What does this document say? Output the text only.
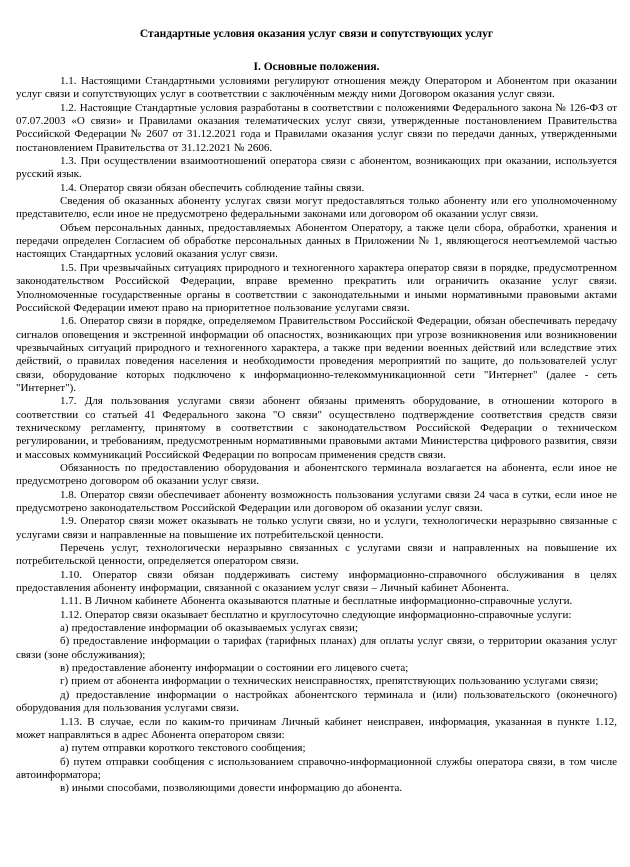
Стандартные условия оказания услуг связи и сопутствующих услуг
I. Основные положения.

1.1. Настоящими Стандартными условиями регулируют отношения между Оператором и Абонентом при оказании услуг связи и сопутствующих услуг в соответствии с заключённым между ними Договором оказания услуг связи.

1.2. Настоящие Стандартные условия разработаны в соответствии с положениями Федерального закона № 126-ФЗ от 07.07.2003 «О связи» и Правилами оказания телематических услуг связи, утвержденные постановлением Правительства Российской Федерации № 2607 от 31.12.2021 года и Правилами оказания услуг связи по передачи данных, утвержденными постановлением Правительства от 31.12.2021 № 2606.

1.3. При осуществлении взаимоотношений оператора связи с абонентом, возникающих при оказании, используется русский язык.

1.4. Оператор связи обязан обеспечить соблюдение тайны связи.

Сведения об оказанных абоненту услугах связи могут предоставляться только абоненту или его уполномоченному представителю, если иное не предусмотрено федеральными законами или договором об оказании услуг связи.

Объем персональных данных, предоставляемых Абонентом Оператору, а также цели сбора, обработки, хранения и передачи определен Согласием об обработке персональных данных в Приложении № 1, являющегося неотъемлемой частью настоящих Стандартных условий оказания услуг связи.

1.5. При чрезвычайных ситуациях природного и техногенного характера оператор связи в порядке, предусмотренном законодательством Российской Федерации, вправе временно прекратить или ограничить оказание услуг связи. Уполномоченные государственные органы в соответствии с законодательными и иными нормативными правовыми актами Российской Федерации имеют право на приоритетное пользование услугами связи.

1.6. Оператор связи в порядке, определяемом Правительством Российской Федерации, обязан обеспечивать передачу сигналов оповещения и экстренной информации об опасностях, возникающих при угрозе возникновения или возникновении чрезвычайных ситуаций природного и техногенного характера, а также при ведении военных действий или вследствие этих действий, о правилах поведения населения и необходимости проведения мероприятий по защите, до пользователей услуг связи, оборудование которых подключено к информационно-телекоммуникационной сети "Интернет" (далее - сеть "Интернет").

1.7. Для пользования услугами связи абонент обязаны применять оборудование, в отношении которого в соответствии со статьей 41 Федерального закона "О связи" осуществлено подтверждение соответствия средств связи техническому регламенту, принятому в соответствии с законодательством Российской Федерации о техническом регулировании, и требованиям, предусмотренным нормативными правовыми актами Министерства цифрового развития, связи и массовых коммуникаций Российской Федерации по вопросам применения средств связи.

Обязанность по предоставлению оборудования и абонентского терминала возлагается на абонента, если иное не предусмотрено договором об оказании услуг связи.

1.8. Оператор связи обеспечивает абоненту возможность пользования услугами связи 24 часа в сутки, если иное не предусмотрено законодательством Российской Федерации или договором об оказании услуг связи.

1.9. Оператор связи может оказывать не только услуги связи, но и услуги, технологически неразрывно связанные с услугами связи и направленные на повышение их потребительской ценности.

Перечень услуг, технологически неразрывно связанных с услугами связи и направленных на повышение их потребительской ценности, определяется оператором связи.

1.10. Оператор связи обязан поддерживать систему информационно-справочного обслуживания в целях предоставления абоненту информации, связанной с оказанием услуг связи – Личный кабинет Абонента.

1.11. В Личном кабинете Абонента оказываются платные и бесплатные информационно-справочные услуги.

1.12. Оператор связи оказывает бесплатно и круглосуточно следующие информационно-справочные услуги:

а) предоставление информации об оказываемых услугах связи;

б) предоставление информации о тарифах (тарифных планах) для оплаты услуг связи, о территории оказания услуг связи (зоне обслуживания);

в) предоставление абоненту информации о состоянии его лицевого счета;

г) прием от абонента информации о технических неисправностях, препятствующих пользованию услугами связи;

д) предоставление информации о настройках абонентского терминала и (или) пользовательского (оконечного) оборудования для пользования услугами связи.

1.13. В случае, если по каким-то причинам Личный кабинет неисправен, информация, указанная в пункте 1.12, может направляться в адрес Абонента оператором связи:

а) путем отправки короткого текстового сообщения;

б) путем отправки сообщения с использованием справочно-информационной службы оператора связи, в том числе автоинформатора;

в) иными способами, позволяющими довести информацию до абонента.
